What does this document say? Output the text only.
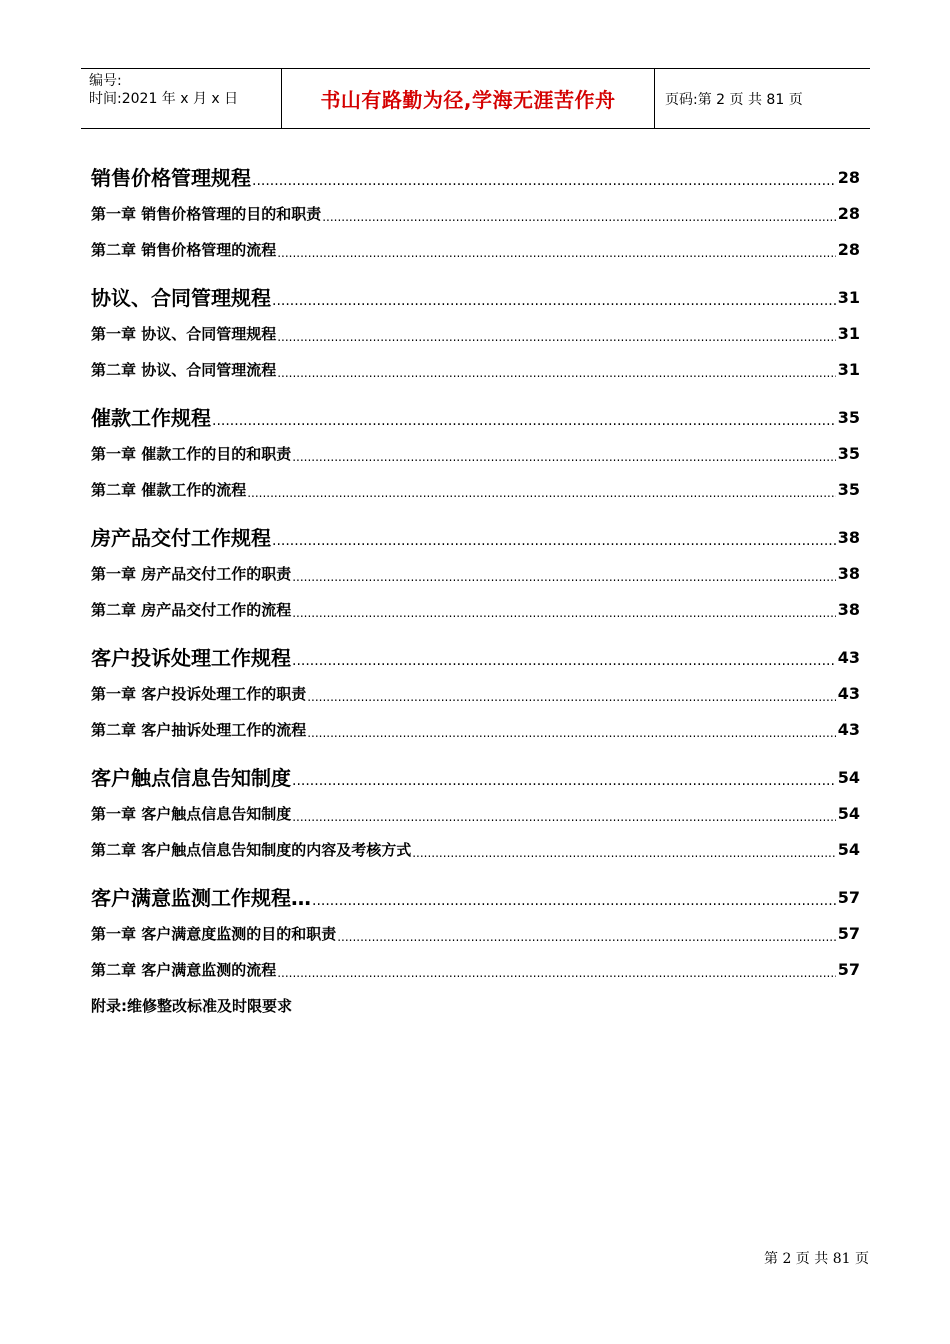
编号:
时间:2021 年 x 月 x 日	书山有路勤为径,学海无涯苦作舟	页码:第 2 页 共 81 页
销售价格管理规程 .....	28
第一章 销售价格管理的目的和职责 .....	28
第二章 销售价格管理的流程 .....	28
协议、合同管理规程 .....	31
第一章 协议、合同管理规程 .....	31
第二章 协议、合同管理流程 .....	31
催款工作规程 .....	35
第一章 催款工作的目的和职责 .....	35
第二章 催款工作的流程 .....	35
房产品交付工作规程 .....	38
第一章 房产品交付工作的职责 .....	38
第二章 房产品交付工作的流程 .....	38
客户投诉处理工作规程 .....	43
第一章 客户投诉处理工作的职责 .....	43
第二章 客户抽诉处理工作的流程 .....	43
客户触点信息告知制度 .....	54
第一章 客户触点信息告知制度 .....	54
第二章 客户触点信息告知制度的内容及考核方式 .....	54
客户满意监测工作规程… .....	57
第一章 客户满意度监测的目的和职责 .....	57
第二章 客户满意监测的流程 .....	57
附录:维修整改标准及时限要求
第 2 页 共 81 页
